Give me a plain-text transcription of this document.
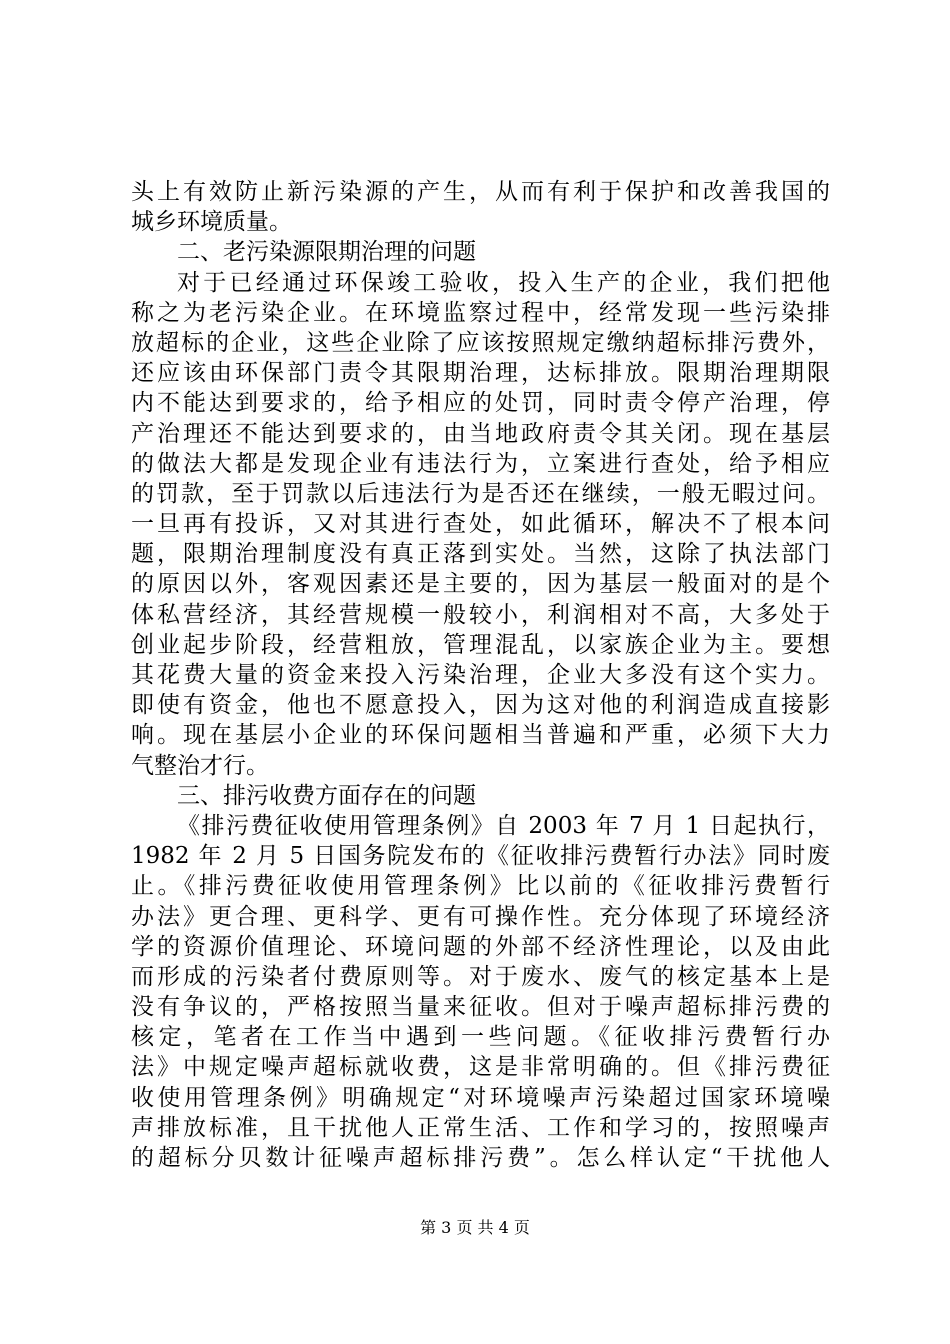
头上有效防止新污染源的产生，从而有利于保护和改善我国的
城乡环境质量。
二、老污染源限期治理的问题
对于已经通过环保竣工验收，投入生产的企业，我们把他
称之为老污染企业。在环境监察过程中，经常发现一些污染排
放超标的企业，这些企业除了应该按照规定缴纳超标排污费外，
还应该由环保部门责令其限期治理，达标排放。限期治理期限
内不能达到要求的，给予相应的处罚，同时责令停产治理，停
产治理还不能达到要求的，由当地政府责令其关闭。现在基层
的做法大都是发现企业有违法行为，立案进行查处，给予相应
的罚款，至于罚款以后违法行为是否还在继续，一般无暇过问。
一旦再有投诉，又对其进行查处，如此循环，解决不了根本问
题，限期治理制度没有真正落到实处。当然，这除了执法部门
的原因以外，客观因素还是主要的，因为基层一般面对的是个
体私营经济，其经营规模一般较小，利润相对不高，大多处于
创业起步阶段，经营粗放，管理混乱，以家族企业为主。要想
其花费大量的资金来投入污染治理，企业大多没有这个实力。
即使有资金，他也不愿意投入，因为这对他的利润造成直接影
响。现在基层小企业的环保问题相当普遍和严重，必须下大力
气整治才行。
三、排污收费方面存在的问题
《排污费征收使用管理条例》自 2003 年 7 月 1 日起执行，
1982 年 2 月 5 日国务院发布的《征收排污费暂行办法》同时废
止。《排污费征收使用管理条例》比以前的《征收排污费暂行
办法》更合理、更科学、更有可操作性。充分体现了环境经济
学的资源价值理论、环境问题的外部不经济性理论，以及由此
而形成的污染者付费原则等。对于废水、废气的核定基本上是
没有争议的，严格按照当量来征收。但对于噪声超标排污费的
核定，笔者在工作当中遇到一些问题。《征收排污费暂行办
法》中规定噪声超标就收费，这是非常明确的。但《排污费征
收使用管理条例》明确规定“对环境噪声污染超过国家环境噪
声排放标准，且干扰他人正常生活、工作和学习的，按照噪声
的超标分贝数计征噪声超标排污费”。怎么样认定“干扰他人
第 3 页 共 4 页
